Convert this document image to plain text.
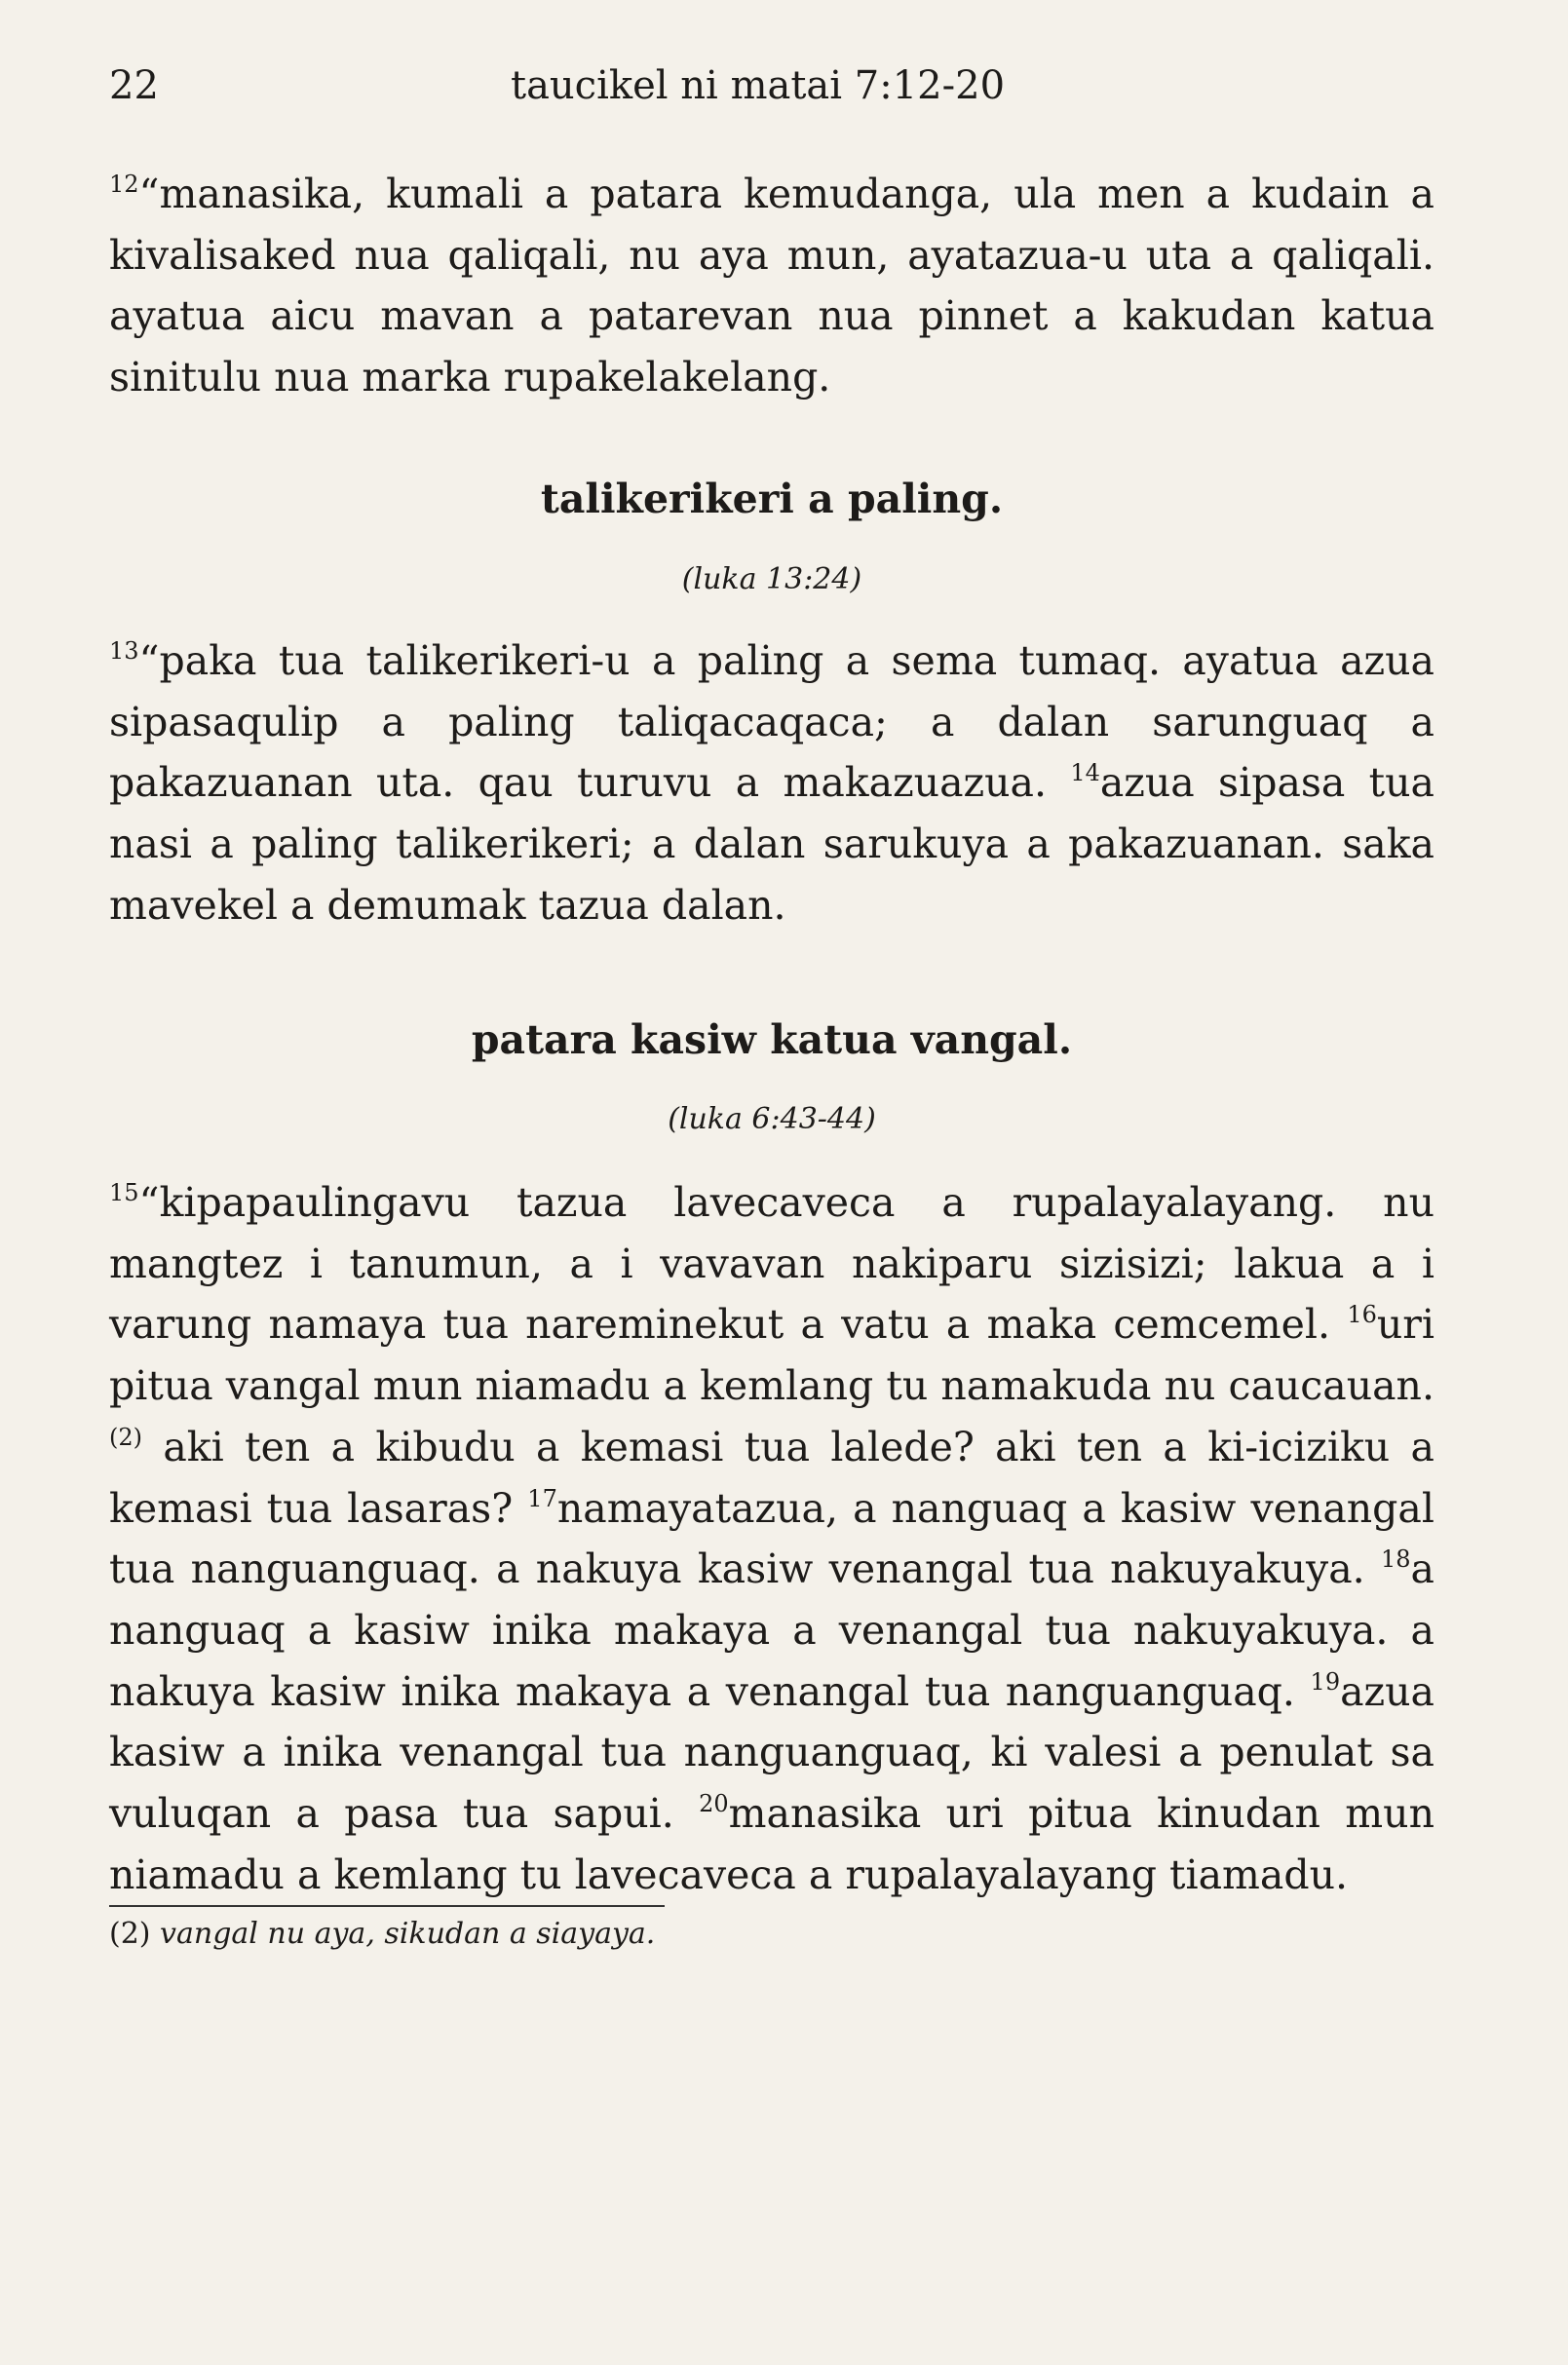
22	taucikel ni matai 7:12-20

$^{12}$“manasika, kumali a patara kemudanga, ula men a kudain a kivalisaked nua qaliqali, nu aya mun, ayatazua-u uta a qaliqali. ayatua aicu mavan a patarevan nua pinnet a kakudan katua sinitulu nua marka rupakelakelang.

talikerikeri a paling.
(luka 13:24)

$^{13}$“paka tua talikerikeri-u a paling a sema tumaq. ayatua azua sipasaqulip a paling taliqacaqaca; a dalan sarunguaq a pakazuanan uta. qau turuvu a makazuazua. $^{14}$azua sipasa tua nasi a paling talikerikeri; a dalan sarukuya a pakazuanan. saka mavekel a demumak tazua dalan.

patara kasiw katua vangal.
(luka 6:43-44)

$^{15}$“kipapaulingavu tazua lavecaveca a rupalayalayang. nu mangtez i tanumun, a i vavavan nakiparu sizisizi; lakua a i varung namaya tua nareminekut a vatu a maka cemcemel. $^{16}$uri pitua vangal mun niamadu a kemlang tu namakuda nu caucauan.$^{(2)}$ aki ten a kibudu a kemasi tua lalede? aki ten a ki-iciziku a kemasi tua lasaras? $^{17}$namayatazua, a nanguaq a kasiw venangal tua nanguanguaq. a nakuya kasiw venangal tua nakuyakuya. $^{18}$a nanguaq a kasiw inika makaya a venangal tua nakuyakuya. a nakuya kasiw inika makaya a venangal tua nanguanguaq. $^{19}$azua kasiw a inika venangal tua nanguanguaq, ki valesi a penulat sa vuluqan a pasa tua sapui. $^{20}$manasika uri pitua kinudan mun niamadu a kemlang tu lavecaveca a rupalayalayang tiamadu.

(2) vangal nu aya, sikudan a siayaya.
